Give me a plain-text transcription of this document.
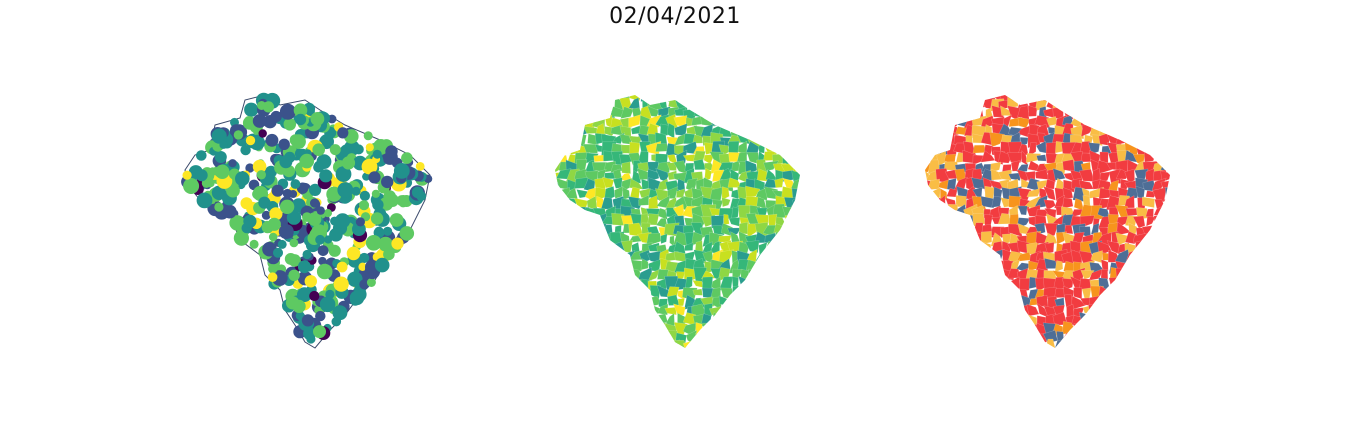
02/04/2021
